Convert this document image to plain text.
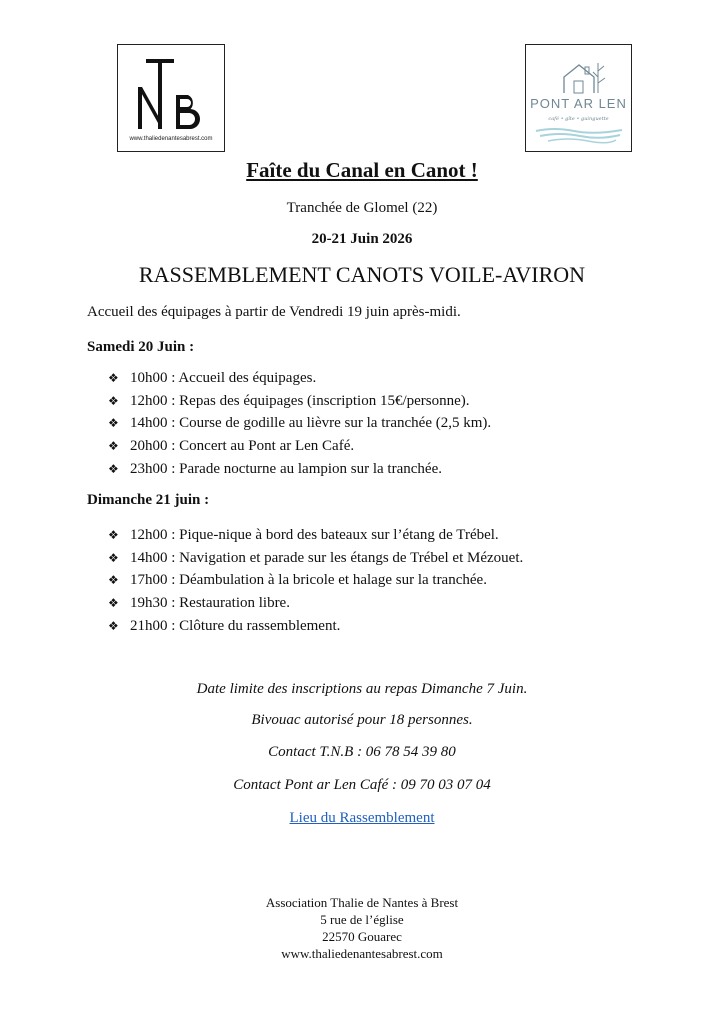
www.thaliedenantesabrest.com
PONT AR LEN
café • gîte • guinguette
Faîte du Canal en Canot !
Tranchée de Glomel (22)
20-21 Juin 2026
RASSEMBLEMENT CANOTS VOILE-AVIRON
Accueil des équipages à partir de Vendredi 19 juin après-midi.
Samedi 20 Juin :
❖ 10h00 : Accueil des équipages.
❖ 12h00 : Repas des équipages (inscription 15€/personne).
❖ 14h00 : Course de godille au lièvre sur la tranchée (2,5 km).
❖ 20h00 : Concert au Pont ar Len Café.
❖ 23h00 : Parade nocturne au lampion sur la tranchée.
Dimanche 21 juin :
❖ 12h00 : Pique-nique à bord des bateaux sur l’étang de Trébel.
❖ 14h00 : Navigation et parade sur les étangs de Trébel et Mézouet.
❖ 17h00 : Déambulation à la bricole et halage sur la tranchée.
❖ 19h30 : Restauration libre.
❖ 21h00 : Clôture du rassemblement.
Date limite des inscriptions au repas Dimanche 7 Juin.
Bivouac autorisé pour 18 personnes.
Contact T.N.B : 06 78 54 39 80
Contact Pont ar Len Café : 09 70 03 07 04
Lieu du Rassemblement
Association Thalie de Nantes à Brest
5 rue de l’église
22570 Gouarec
www.thaliedenantesabrest.com
